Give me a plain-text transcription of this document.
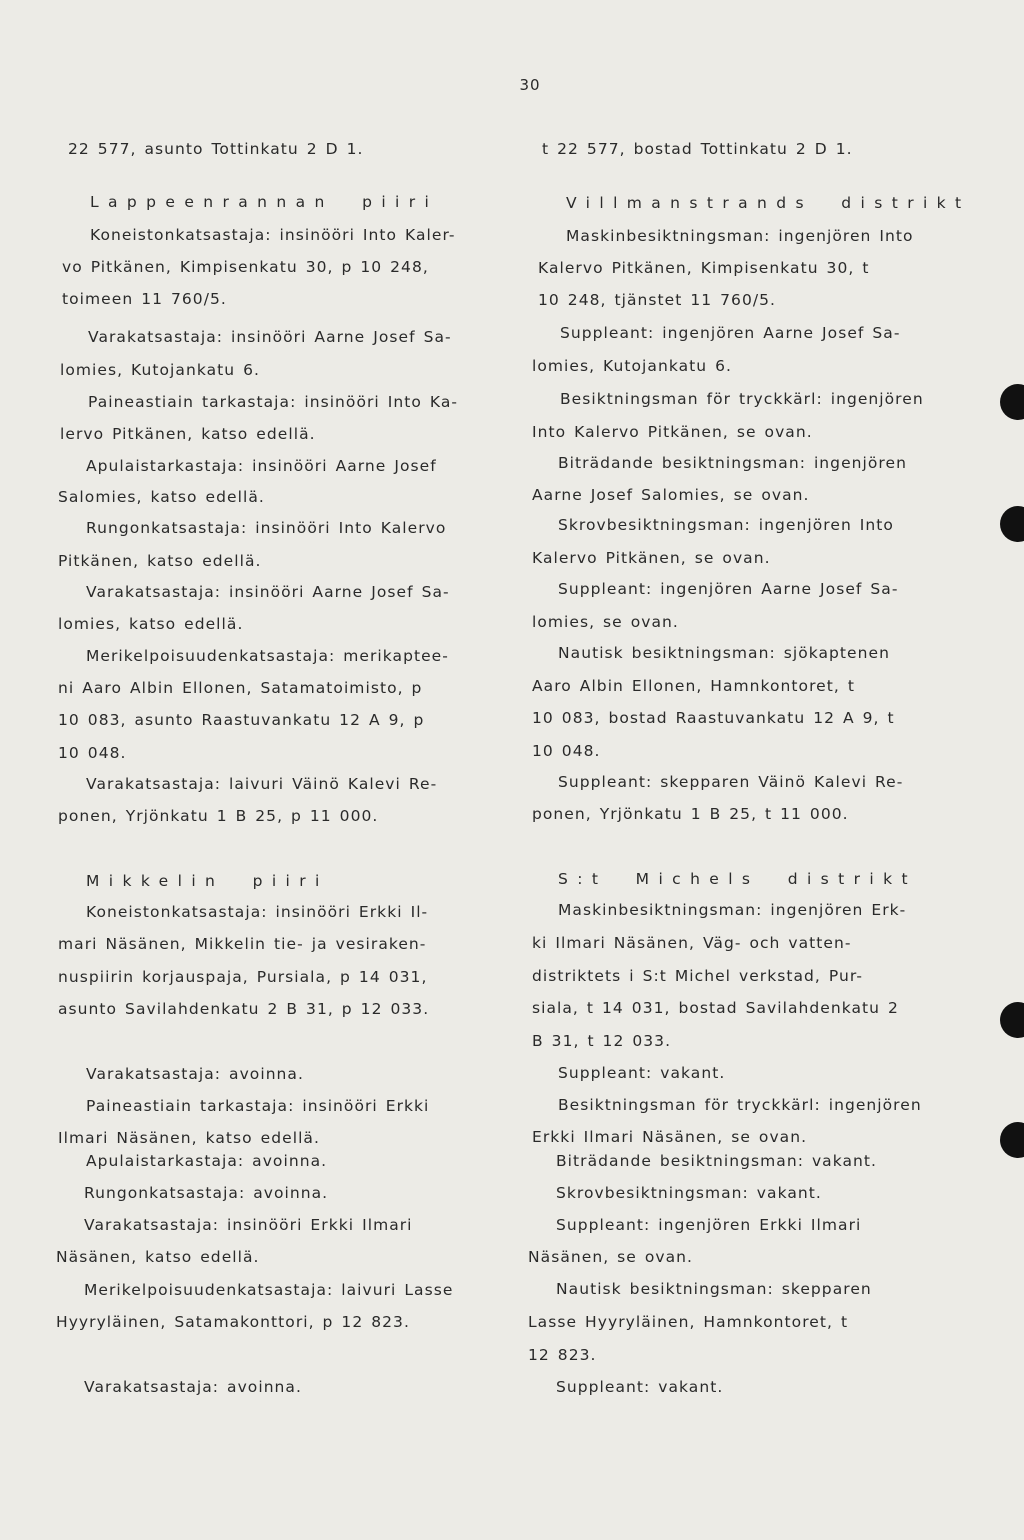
30
22 577, asunto Tottinkatu 2 D 1.
Lappeenrannan piiri
Koneistonkatsastaja: insinööri Into Kaler-
vo Pitkänen, Kimpisenkatu 30, p 10 248,
toimeen 11 760/5.
Varakatsastaja: insinööri Aarne Josef Sa-
lomies, Kutojankatu 6.
Paineastiain tarkastaja: insinööri Into Ka-
lervo Pitkänen, katso edellä.
Apulaistarkastaja: insinööri Aarne Josef
Salomies, katso edellä.
Rungonkatsastaja: insinööri Into Kalervo
Pitkänen, katso edellä.
Varakatsastaja: insinööri Aarne Josef Sa-
lomies, katso edellä.
Merikelpoisuudenkatsastaja: merikapteе-
ni Aaro Albin Ellonen, Satamatoimisto, p
10 083, asunto Raastuvankatu 12 A 9, p
10 048.
Varakatsastaja: laivuri Väinö Kalevi Re-
ponen, Yrjönkatu 1 B 25, p 11 000.
Mikkelin piiri
Koneistonkatsastaja: insinööri Erkki Il-
mari Näsänen, Mikkelin tie- ja vesiraken-
nuspiirin korjauspaja, Pursiala, p 14 031,
asunto Savilahdenkatu 2 B 31, p 12 033.
Varakatsastaja: avoinna.
Paineastiain tarkastaja: insinööri Erkki
Ilmari Näsänen, katso edellä.
Apulaistarkastaja: avoinna.
Rungonkatsastaja: avoinna.
Varakatsastaja: insinööri Erkki Ilmari
Näsänen, katso edellä.
Merikelpoisuudenkatsastaja: laivuri Lasse
Hyyryläinen, Satamakonttori, p 12 823.
Varakatsastaja: avoinna.
t 22 577, bostad Tottinkatu 2 D 1.
Villmanstrands distrikt
Maskinbesiktningsman: ingenjören Into
Kalervo Pitkänen, Kimpisenkatu 30, t
10 248, tjänstet 11 760/5.
Suppleant: ingenjören Aarne Josef Sa-
lomies, Kutojankatu 6.
Besiktningsman för tryckkärl: ingenjören
Into Kalervo Pitkänen, se ovan.
Biträdande besiktningsman: ingenjören
Aarne Josef Salomies, se ovan.
Skrovbesiktningsman: ingenjören Into
Kalervo Pitkänen, se ovan.
Suppleant: ingenjören Aarne Josef Sa-
lomies, se ovan.
Nautisk besiktningsman: sjökaptenen
Aaro Albin Ellonen, Hamnkontoret, t
10 083, bostad Raastuvankatu 12 A 9, t
10 048.
Suppleant: skepparen Väinö Kalevi Re-
ponen, Yrjönkatu 1 B 25, t 11 000.
S:t Michels distrikt
Maskinbesiktningsman: ingenjören Erk-
ki Ilmari Näsänen, Väg- och vatten-
distriktets i S:t Michel verkstad, Pur-
siala, t 14 031, bostad Savilahdenkatu 2
B 31, t 12 033.
Suppleant: vakant.
Besiktningsman för tryckkärl: ingenjören
Erkki Ilmari Näsänen, se ovan.
Biträdande besiktningsman: vakant.
Skrovbesiktningsman: vakant.
Suppleant: ingenjören Erkki Ilmari
Näsänen, se ovan.
Nautisk besiktningsman: skepparen
Lasse Hyyryläinen, Hamnkontoret, t
12 823.
Suppleant: vakant.
